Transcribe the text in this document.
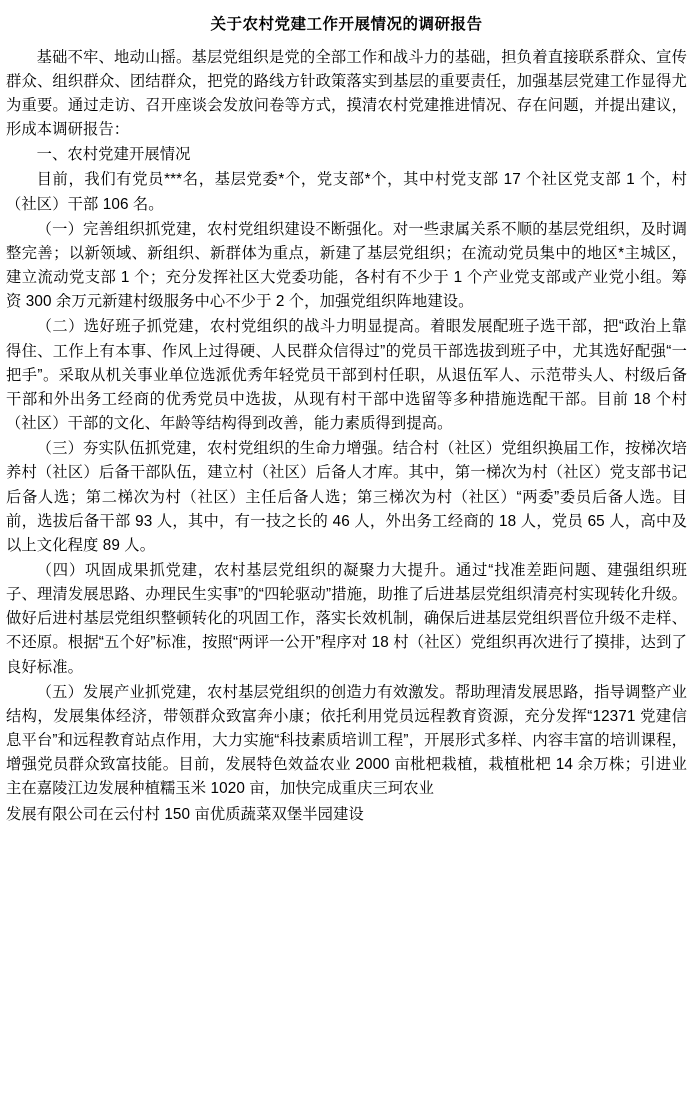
关于农村党建工作开展情况的调研报告

基础不牢、地动山摇。基层党组织是党的全部工作和战斗力的基础，担负着直接联系群众、宣传群众、组织群众、团结群众，把党的路线方针政策落实到基层的重要责任，加强基层党建工作显得尤为重要。通过走访、召开座谈会发放问卷等方式，摸清农村党建推进情况、存在问题，并提出建议，形成本调研报告：

一、农村党建开展情况

目前，我们有党员***名，基层党委*个，党支部*个，其中村党支部 17 个社区党支部 1 个，村（社区）干部 106 名。

（一）完善组织抓党建，农村党组织建设不断强化。对一些隶属关系不顺的基层党组织，及时调整完善；以新领域、新组织、新群体为重点，新建了基层党组织；在流动党员集中的地区*主城区，建立流动党支部 1 个；充分发挥社区大党委功能，各村有不少于 1 个产业党支部或产业党小组。筹资 300 余万元新建村级服务中心不少于 2 个，加强党组织阵地建设。

（二）选好班子抓党建，农村党组织的战斗力明显提高。着眼发展配班子选干部，把“政治上靠得住、工作上有本事、作风上过得硬、人民群众信得过”的党员干部选拔到班子中，尤其选好配强“一把手”。采取从机关事业单位选派优秀年轻党员干部到村任职，从退伍军人、示范带头人、村级后备干部和外出务工经商的优秀党员中选拔，从现有村干部中选留等多种措施选配干部。目前 18 个村（社区）干部的文化、年龄等结构得到改善，能力素质得到提高。

（三）夯实队伍抓党建，农村党组织的生命力增强。结合村（社区）党组织换届工作，按梯次培养村（社区）后备干部队伍，建立村（社区）后备人才库。其中，第一梯次为村（社区）党支部书记后备人选；第二梯次为村（社区）主任后备人选；第三梯次为村（社区）“两委”委员后备人选。目前，选拔后备干部 93 人，其中，有一技之长的 46 人，外出务工经商的 18 人，党员 65 人，高中及以上文化程度 89 人。

（四）巩固成果抓党建，农村基层党组织的凝聚力大提升。通过“找准差距问题、建强组织班子、理清发展思路、办理民生实事”的“四轮驱动”措施，助推了后进基层党组织清亮村实现转化升级。做好后进村基层党组织整顿转化的巩固工作，落实长效机制，确保后进基层党组织晋位升级不走样、不还原。根据“五个好”标准，按照“两评一公开”程序对 18 村（社区）党组织再次进行了摸排，达到了良好标准。

（五）发展产业抓党建，农村基层党组织的创造力有效激发。帮助理清发展思路，指导调整产业结构，发展集体经济，带领群众致富奔小康；依托利用党员远程教育资源，充分发挥“12371 党建信息平台”和远程教育站点作用，大力实施“科技素质培训工程”，开展形式多样、内容丰富的培训课程，增强党员群众致富技能。目前，发展特色效益农业 2000 亩枇杷栽植，栽植枇杷 14 余万株；引进业主在嘉陵江边发展种植糯玉米 1020 亩，加快完成重庆三珂农业

发展有限公司在云付村 150 亩优质蔬菜双堡半园建设
